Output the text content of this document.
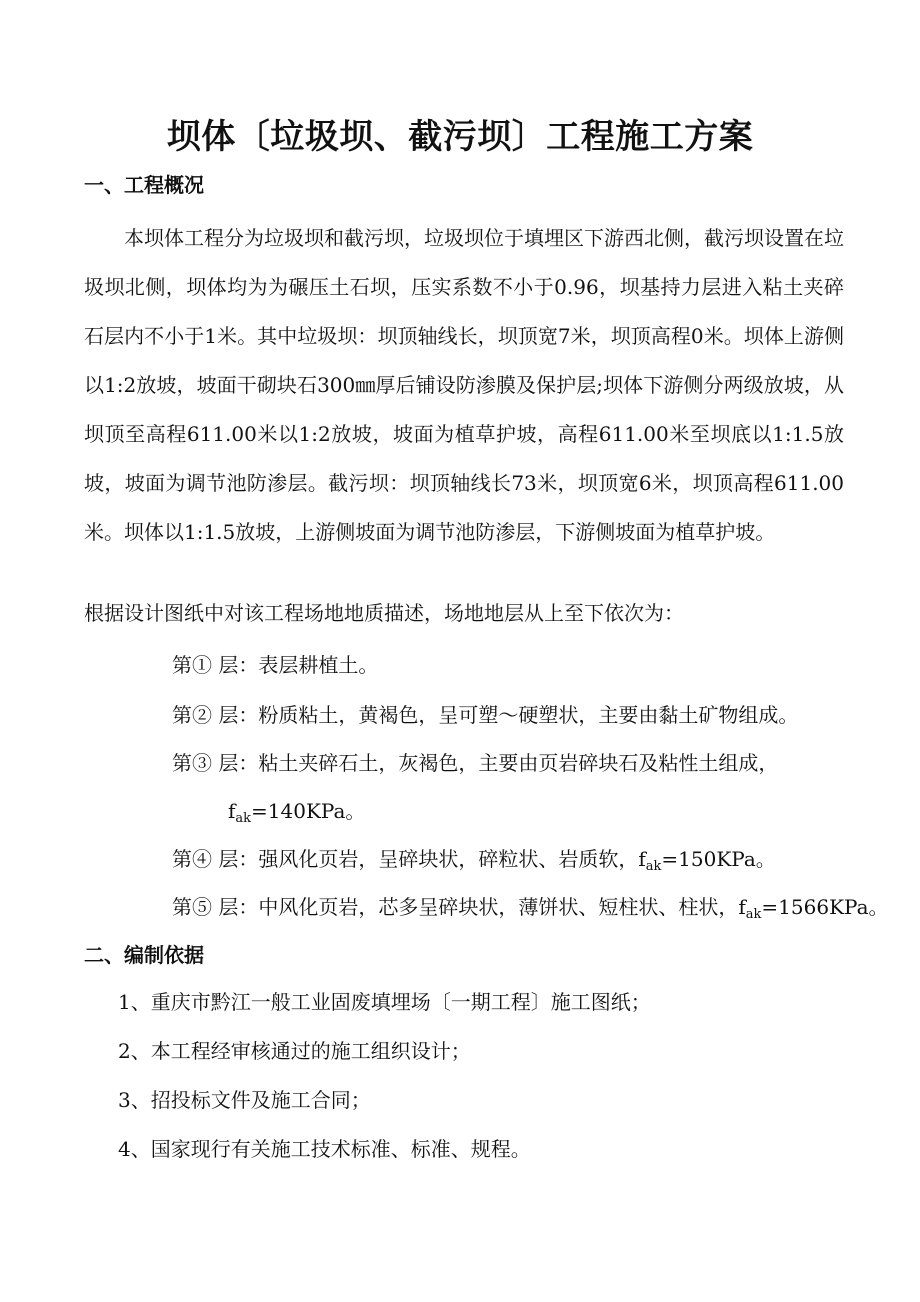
坝体〔垃圾坝、截污坝〕工程施工方案
一、工程概况

本坝体工程分为垃圾坝和截污坝，垃圾坝位于填埋区下游西北侧，截污坝设置在垃圾坝北侧，坝体均为为碾压土石坝，压实系数不小于0.96，坝基持力层进入粘土夹碎石层内不小于1米。其中垃圾坝：坝顶轴线长，坝顶宽7米，坝顶高程0米。坝体上游侧以1:2放坡，坡面干砌块石300㎜厚后铺设防渗膜及保护层;坝体下游侧分两级放坡，从坝顶至高程611.00米以1:2放坡，坡面为植草护坡，高程611.00米至坝底以1:1.5放坡，坡面为调节池防渗层。截污坝：坝顶轴线长73米，坝顶宽6米，坝顶高程611.00米。坝体以1:1.5放坡，上游侧坡面为调节池防渗层，下游侧坡面为植草护坡。

根据设计图纸中对该工程场地地质描述，场地地层从上至下依次为：

第① 层：表层耕植土。
第② 层：粉质粘土，黄褐色，呈可塑～硬塑状，主要由黏土矿物组成。
第③ 层：粘土夹碎石土，灰褐色，主要由页岩碎块石及粘性土组成，
$f_{ak}=140KPa$。
第④ 层：强风化页岩，呈碎块状，碎粒状、岩质软，$f_{ak}=150KPa$。
第⑤ 层：中风化页岩，芯多呈碎块状，薄饼状、短柱状、柱状，$f_{ak}=1566KPa$。
二、编制依据
1、重庆市黔江一般工业固废填埋场〔一期工程〕施工图纸；
2、本工程经审核通过的施工组织设计；
3、招投标文件及施工合同；
4、国家现行有关施工技术标准、标准、规程。
